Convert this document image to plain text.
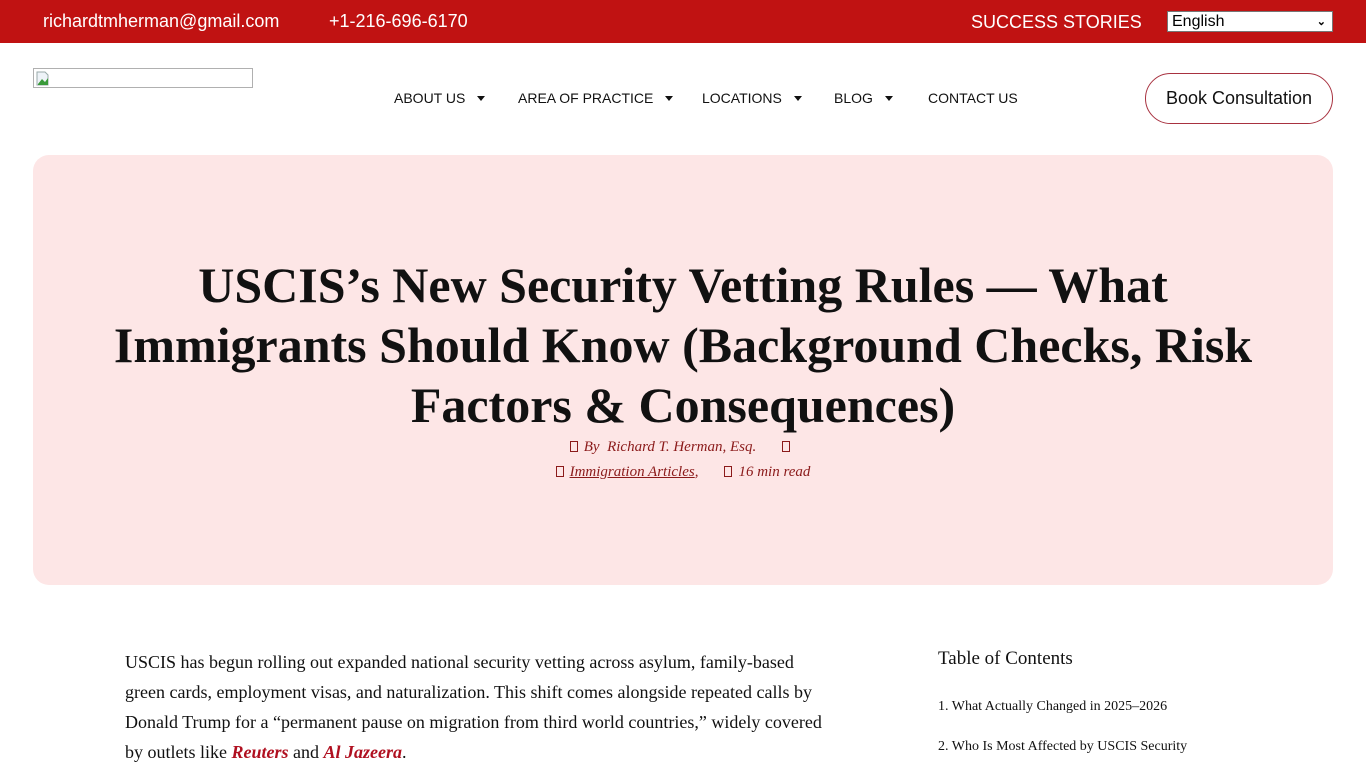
richardtmherman@gmail.com	+1-216-696-6170	SUCCESS STORIES English	⌄
ABOUT US	AREA OF PRACTICE	LOCATIONS	BLOG	CONTACT US	Book Consultation
USCIS’s New Security Vetting Rules — What Immigrants Should Know (Background Checks, Risk Factors & Consequences)
By Richard T. Herman, Esq.
Immigration Articles,	16 min read

USCIS has begun rolling out expanded national security vetting across asylum, family-based green cards, employment visas, and naturalization. This shift comes alongside repeated calls by Donald Trump for a “permanent pause on migration from third world countries,” widely covered by outlets like Reuters and Al Jazeera.

Table of Contents
1. What Actually Changed in 2025–2026
2. Who Is Most Affected by USCIS Security
